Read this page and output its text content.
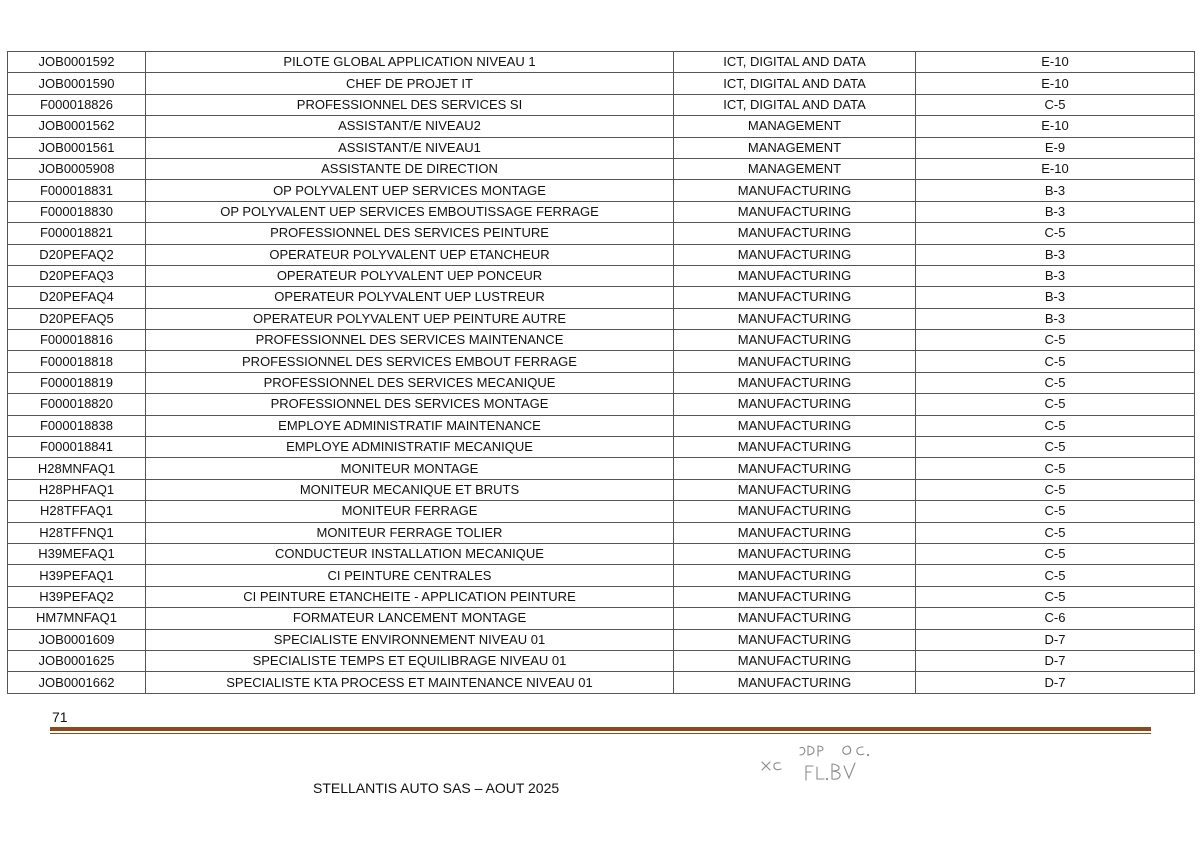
JOB0001592	PILOTE GLOBAL APPLICATION NIVEAU 1	ICT, DIGITAL AND DATA	E-10
JOB0001590	CHEF DE PROJET IT	ICT, DIGITAL AND DATA	E-10
F000018826	PROFESSIONNEL DES SERVICES SI	ICT, DIGITAL AND DATA	C-5
JOB0001562	ASSISTANT/E NIVEAU2	MANAGEMENT	E-10
JOB0001561	ASSISTANT/E NIVEAU1	MANAGEMENT	E-9
JOB0005908	ASSISTANTE DE DIRECTION	MANAGEMENT	E-10
F000018831	OP POLYVALENT UEP SERVICES MONTAGE	MANUFACTURING	B-3
F000018830	OP POLYVALENT UEP SERVICES EMBOUTISSAGE FERRAGE	MANUFACTURING	B-3
F000018821	PROFESSIONNEL DES SERVICES PEINTURE	MANUFACTURING	C-5
D20PEFAQ2	OPERATEUR POLYVALENT UEP ETANCHEUR	MANUFACTURING	B-3
D20PEFAQ3	OPERATEUR POLYVALENT UEP PONCEUR	MANUFACTURING	B-3
D20PEFAQ4	OPERATEUR POLYVALENT UEP LUSTREUR	MANUFACTURING	B-3
D20PEFAQ5	OPERATEUR POLYVALENT UEP PEINTURE AUTRE	MANUFACTURING	B-3
F000018816	PROFESSIONNEL DES SERVICES MAINTENANCE	MANUFACTURING	C-5
F000018818	PROFESSIONNEL DES SERVICES EMBOUT FERRAGE	MANUFACTURING	C-5
F000018819	PROFESSIONNEL DES SERVICES MECANIQUE	MANUFACTURING	C-5
F000018820	PROFESSIONNEL DES SERVICES MONTAGE	MANUFACTURING	C-5
F000018838	EMPLOYE ADMINISTRATIF MAINTENANCE	MANUFACTURING	C-5
F000018841	EMPLOYE ADMINISTRATIF MECANIQUE	MANUFACTURING	C-5
H28MNFAQ1	MONITEUR MONTAGE	MANUFACTURING	C-5
H28PHFAQ1	MONITEUR MECANIQUE ET BRUTS	MANUFACTURING	C-5
H28TFFAQ1	MONITEUR FERRAGE	MANUFACTURING	C-5
H28TFFNQ1	MONITEUR FERRAGE TOLIER	MANUFACTURING	C-5
H39MEFAQ1	CONDUCTEUR INSTALLATION MECANIQUE	MANUFACTURING	C-5
H39PEFAQ1	CI PEINTURE CENTRALES	MANUFACTURING	C-5
H39PEFAQ2	CI PEINTURE ETANCHEITE - APPLICATION PEINTURE	MANUFACTURING	C-5
HM7MNFAQ1	FORMATEUR LANCEMENT MONTAGE	MANUFACTURING	C-6
JOB0001609	SPECIALISTE ENVIRONNEMENT NIVEAU 01	MANUFACTURING	D-7
JOB0001625	SPECIALISTE TEMPS ET EQUILIBRAGE NIVEAU 01	MANUFACTURING	D-7
JOB0001662	SPECIALISTE KTA PROCESS ET MAINTENANCE NIVEAU 01	MANUFACTURING	D-7
71
STELLANTIS AUTO SAS – AOUT 2025
